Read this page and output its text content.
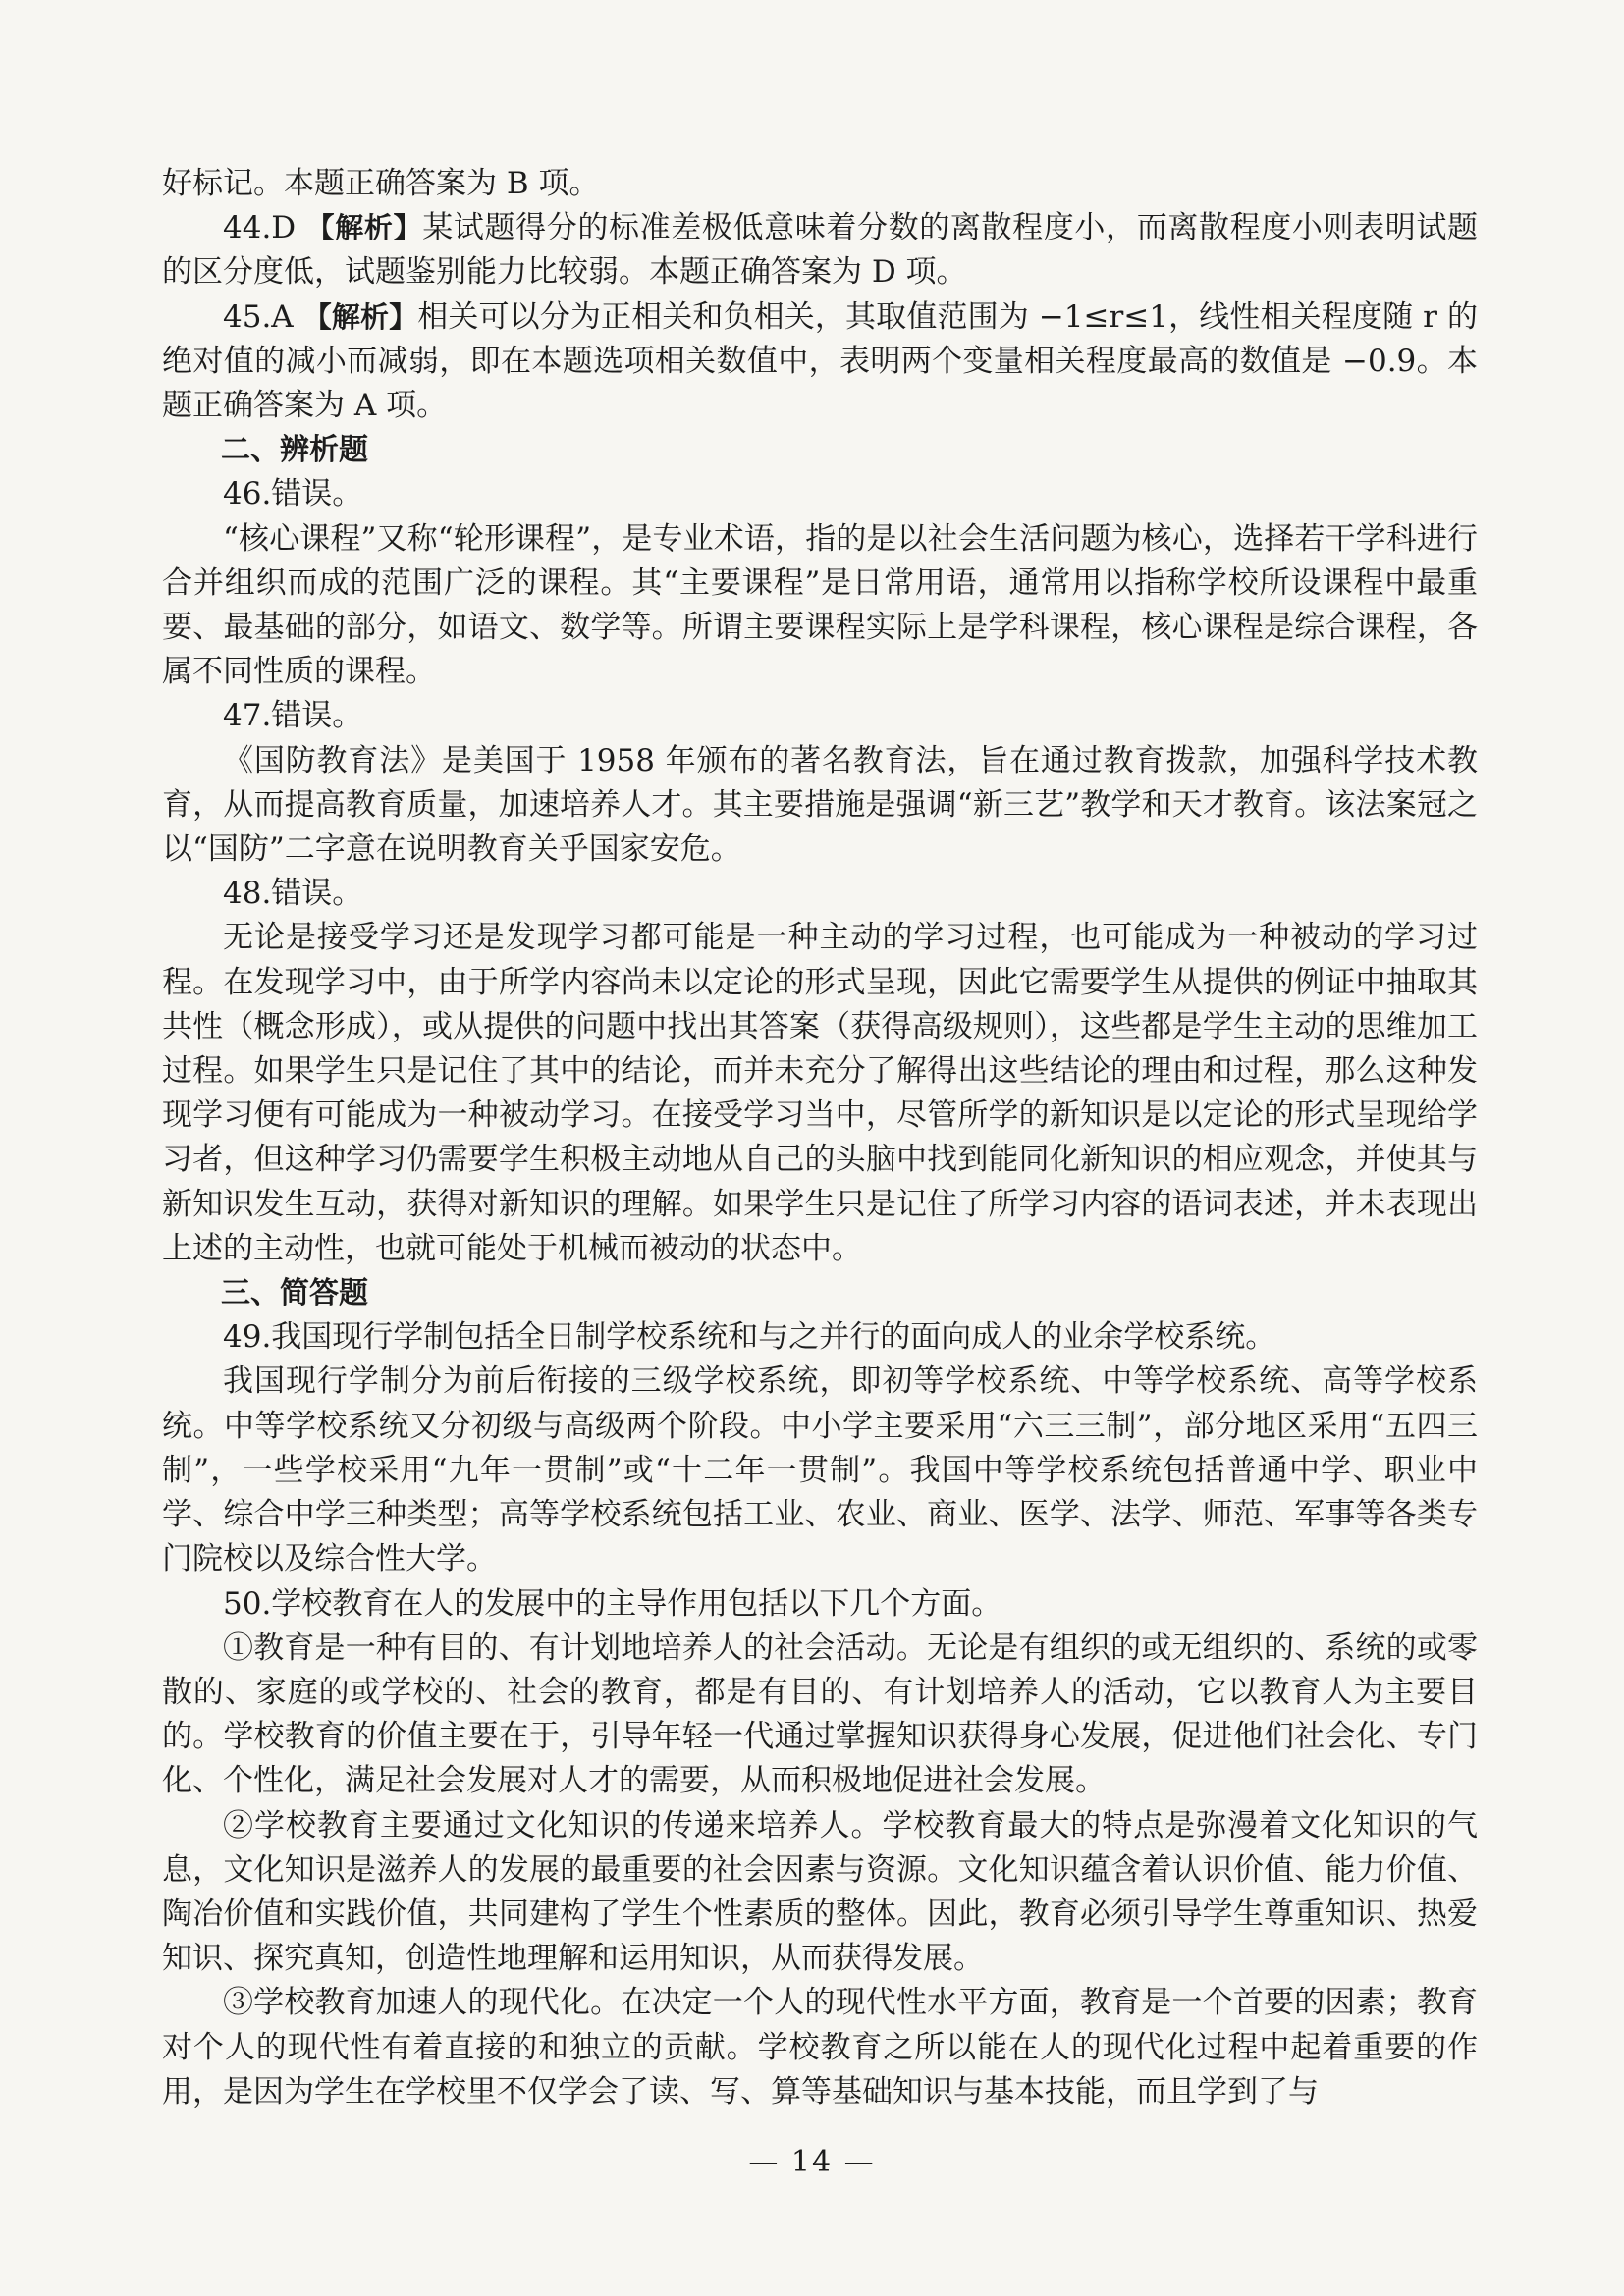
好标记。本题正确答案为 B 项。

44.D 【解析】某试题得分的标准差极低意味着分数的离散程度小，而离散程度小则表明试题的区分度低，试题鉴别能力比较弱。本题正确答案为 D 项。

45.A 【解析】相关可以分为正相关和负相关，其取值范围为 −1≤r≤1，线性相关程度随 r 的绝对值的减小而减弱，即在本题选项相关数值中，表明两个变量相关程度最高的数值是 −0.9。本题正确答案为 A 项。

二、辨析题

46.错误。

“核心课程”又称“轮形课程”，是专业术语，指的是以社会生活问题为核心，选择若干学科进行合并组织而成的范围广泛的课程。其“主要课程”是日常用语，通常用以指称学校所设课程中最重要、最基础的部分，如语文、数学等。所谓主要课程实际上是学科课程，核心课程是综合课程，各属不同性质的课程。

47.错误。

《国防教育法》是美国于 1958 年颁布的著名教育法，旨在通过教育拨款，加强科学技术教育，从而提高教育质量，加速培养人才。其主要措施是强调“新三艺”教学和天才教育。该法案冠之以“国防”二字意在说明教育关乎国家安危。

48.错误。

无论是接受学习还是发现学习都可能是一种主动的学习过程，也可能成为一种被动的学习过程。在发现学习中，由于所学内容尚未以定论的形式呈现，因此它需要学生从提供的例证中抽取其共性（概念形成），或从提供的问题中找出其答案（获得高级规则），这些都是学生主动的思维加工过程。如果学生只是记住了其中的结论，而并未充分了解得出这些结论的理由和过程，那么这种发现学习便有可能成为一种被动学习。在接受学习当中，尽管所学的新知识是以定论的形式呈现给学习者，但这种学习仍需要学生积极主动地从自己的头脑中找到能同化新知识的相应观念，并使其与新知识发生互动，获得对新知识的理解。如果学生只是记住了所学习内容的语词表述，并未表现出上述的主动性，也就可能处于机械而被动的状态中。

三、简答题

49.我国现行学制包括全日制学校系统和与之并行的面向成人的业余学校系统。

我国现行学制分为前后衔接的三级学校系统，即初等学校系统、中等学校系统、高等学校系统。中等学校系统又分初级与高级两个阶段。中小学主要采用“六三三制”，部分地区采用“五四三制”，一些学校采用“九年一贯制”或“十二年一贯制”。我国中等学校系统包括普通中学、职业中学、综合中学三种类型；高等学校系统包括工业、农业、商业、医学、法学、师范、军事等各类专门院校以及综合性大学。

50.学校教育在人的发展中的主导作用包括以下几个方面。

①教育是一种有目的、有计划地培养人的社会活动。无论是有组织的或无组织的、系统的或零散的、家庭的或学校的、社会的教育，都是有目的、有计划培养人的活动，它以教育人为主要目的。学校教育的价值主要在于，引导年轻一代通过掌握知识获得身心发展，促进他们社会化、专门化、个性化，满足社会发展对人才的需要，从而积极地促进社会发展。

②学校教育主要通过文化知识的传递来培养人。学校教育最大的特点是弥漫着文化知识的气息，文化知识是滋养人的发展的最重要的社会因素与资源。文化知识蕴含着认识价值、能力价值、陶冶价值和实践价值，共同建构了学生个性素质的整体。因此，教育必须引导学生尊重知识、热爱知识、探究真知，创造性地理解和运用知识，从而获得发展。

③学校教育加速人的现代化。在决定一个人的现代性水平方面，教育是一个首要的因素；教育对个人的现代性有着直接的和独立的贡献。学校教育之所以能在人的现代化过程中起着重要的作用，是因为学生在学校里不仅学会了读、写、算等基础知识与基本技能，而且学到了与

— 14 —
